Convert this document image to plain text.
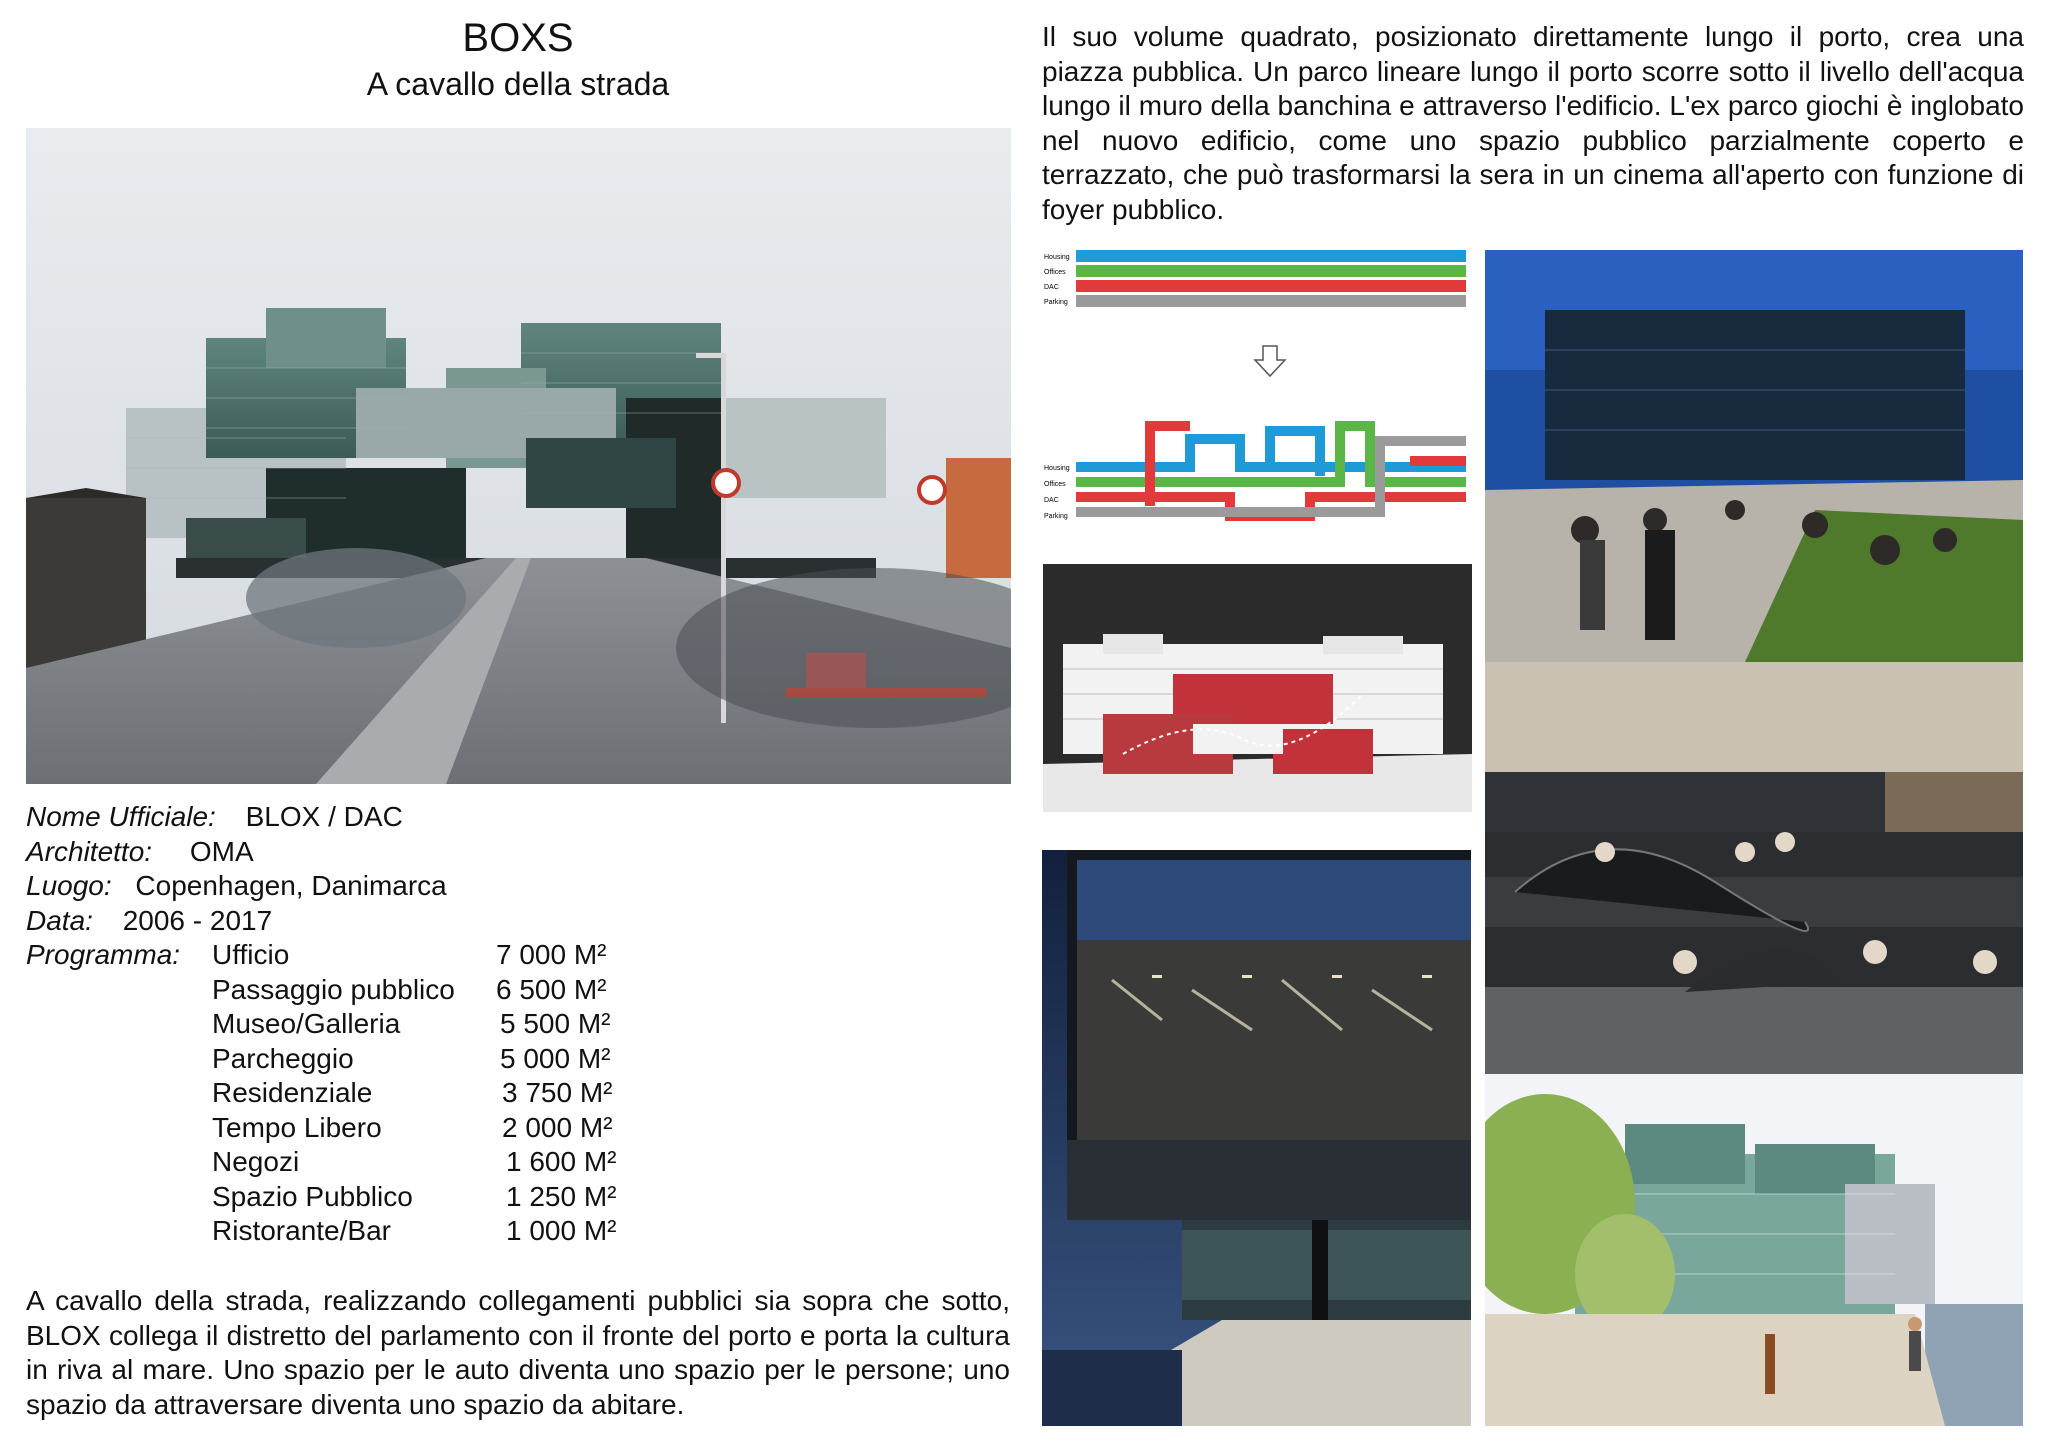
BOXS
A cavallo della strada
Nome Ufficiale: BLOX / DAC
Architetto: OMA
Luogo: Copenhagen, Danimarca
Data: 2006 - 2017
Programma: Ufficio	7 000 M²
Passaggio pubblico 6 500 M²
Museo/Galleria	5 500 M²
Parcheggio	5 000 M²
Residenziale	3 750 M²
Tempo Libero	2 000 M²
Negozi	1 600 M²
Spazio Pubblico	1 250 M²
Ristorante/Bar	1 000 M²
A cavallo della strada, realizzando collegamenti pubblici sia sopra che sotto, BLOX collega il distretto del parlamento con il fronte del porto e porta la cultura in riva al mare. Uno spazio per le auto diventa uno spazio per le persone; uno spazio da attraversare diventa uno spazio da abitare.
Il suo volume quadrato, posizionato direttamente lungo il porto, crea una piazza pubblica. Un parco lineare lungo il porto scorre sotto il livello dell'acqua lungo il muro della banchina e attraverso l'edificio. L'ex parco giochi è inglobato nel nuovo edificio, come uno spazio pubblico parzialmente coperto e terrazzato, che può trasformarsi la sera in un cinema all'aperto con funzione di foyer pubblico.
Housing
Offices
DAC
Parking
Housing
Offices
DAC
Parking
